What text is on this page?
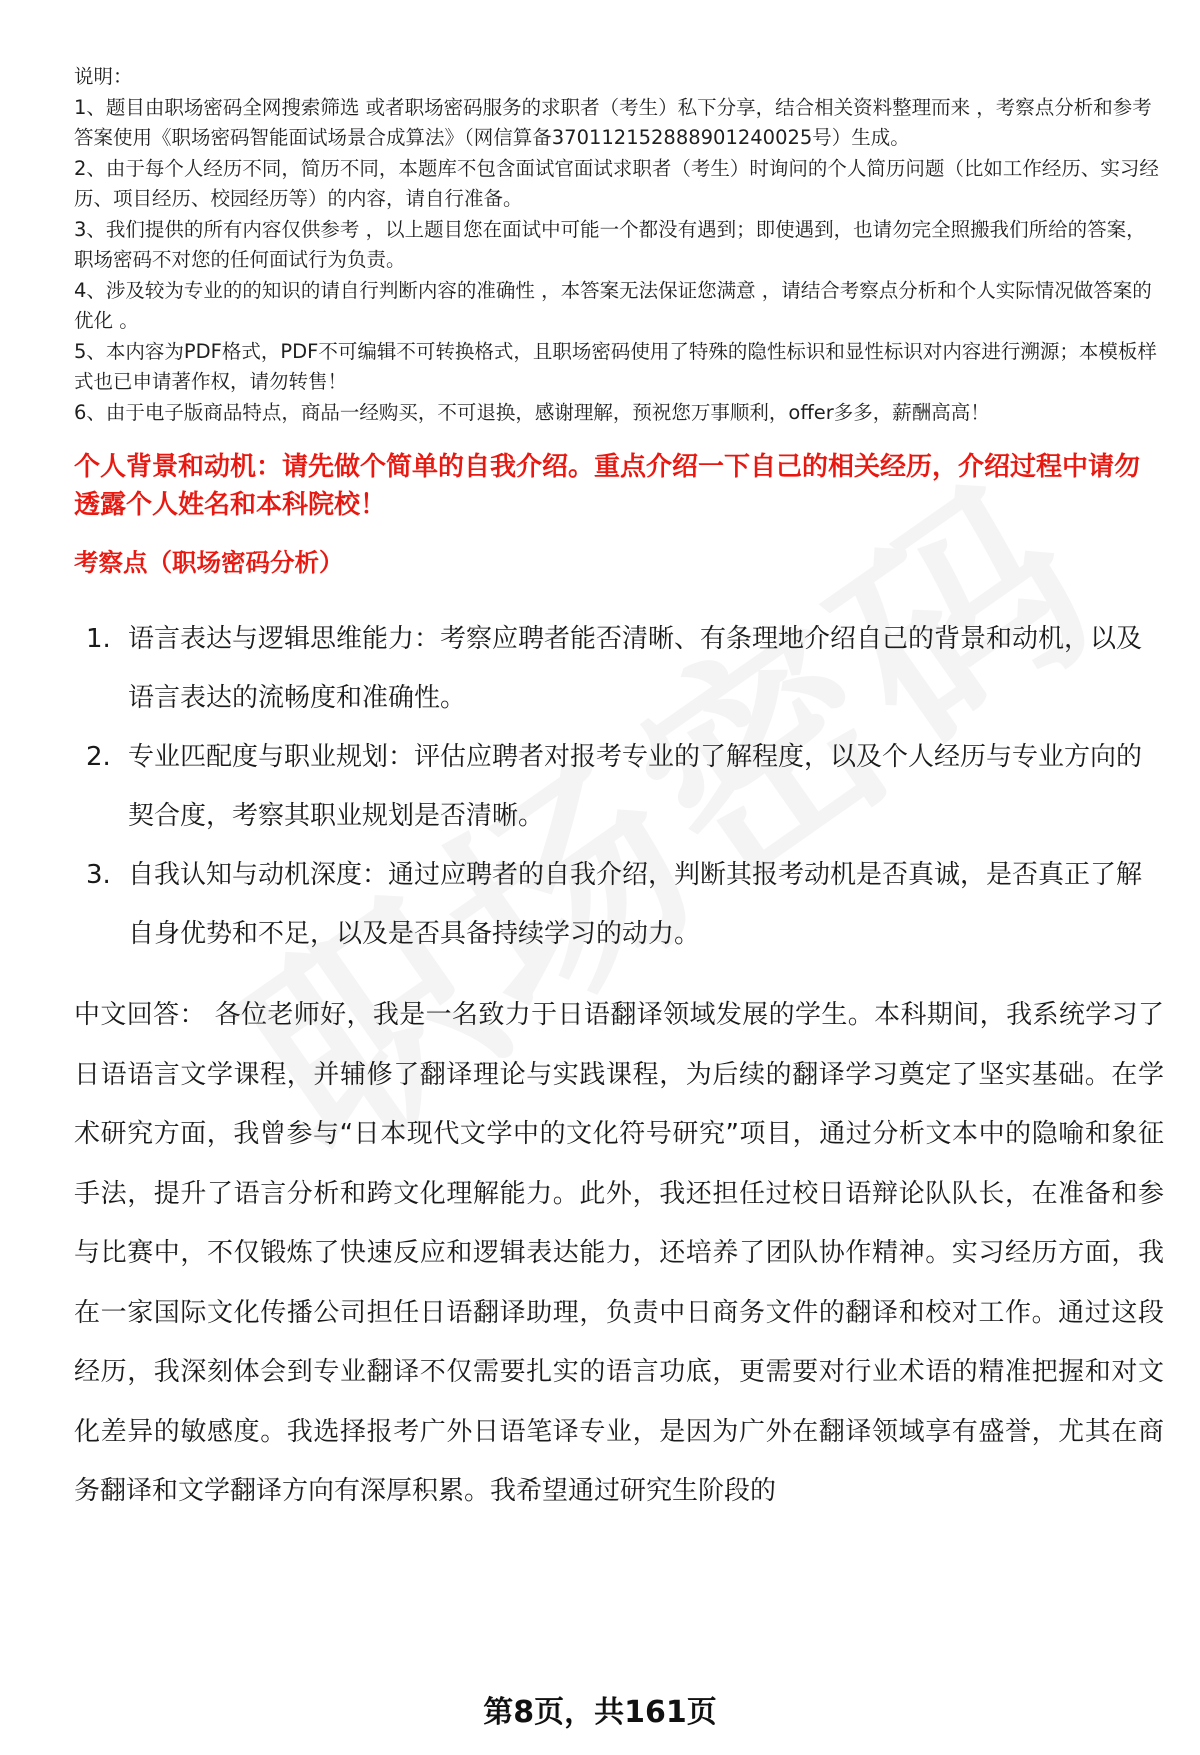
说明：
1、题目由职场密码全网搜索筛选 或者职场密码服务的求职者（考生）私下分享，结合相关资料整理而来 ，考察点分析和参考答案使用《职场密码智能面试场景合成算法》（网信算备370112152888901240025号）生成。
2、由于每个人经历不同，简历不同，本题库不包含面试官面试求职者（考生）时询问的个人简历问题（比如工作经历、实习经历、项目经历、校园经历等）的内容，请自行准备。
3、我们提供的所有内容仅供参考 ，以上题目您在面试中可能一个都没有遇到；即使遇到，也请勿完全照搬我们所给的答案，职场密码不对您的任何面试行为负责。
4、涉及较为专业的的知识的请自行判断内容的准确性 ，本答案无法保证您满意 ，请结合考察点分析和个人实际情况做答案的优化 。
5、本内容为PDF格式，PDF不可编辑不可转换格式，且职场密码使用了特殊的隐性标识和显性标识对内容进行溯源；本模板样式也已申请著作权，请勿转售！
6、由于电子版商品特点，商品一经购买，不可退换，感谢理解，预祝您万事顺利，offer多多，薪酬高高！
个人背景和动机：请先做个简单的自我介绍。重点介绍一下自己的相关经历，介绍过程中请勿透露个人姓名和本科院校！
考察点（职场密码分析）
1. 语言表达与逻辑思维能力：考察应聘者能否清晰、有条理地介绍自己的背景和动机，以及语言表达的流畅度和准确性。
2. 专业匹配度与职业规划：评估应聘者对报考专业的了解程度，以及个人经历与专业方向的契合度，考察其职业规划是否清晰。
3. 自我认知与动机深度：通过应聘者的自我介绍，判断其报考动机是否真诚，是否真正了解自身优势和不足，以及是否具备持续学习的动力。
中文回答： 各位老师好，我是一名致力于日语翻译领域发展的学生。本科期间，我系统学习了日语语言文学课程，并辅修了翻译理论与实践课程，为后续的翻译学习奠定了坚实基础。在学术研究方面，我曾参与“日本现代文学中的文化符号研究”项目，通过分析文本中的隐喻和象征手法，提升了语言分析和跨文化理解能力。此外，我还担任过校日语辩论队队长，在准备和参与比赛中，不仅锻炼了快速反应和逻辑表达能力，还培养了团队协作精神。实习经历方面，我在一家国际文化传播公司担任日语翻译助理，负责中日商务文件的翻译和校对工作。通过这段经历，我深刻体会到专业翻译不仅需要扎实的语言功底，更需要对行业术语的精准把握和对文化差异的敏感度。我选择报考广外日语笔译专业，是因为广外在翻译领域享有盛誉，尤其在商务翻译和文学翻译方向有深厚积累。我希望通过研究生阶段的
第8页，共161页
